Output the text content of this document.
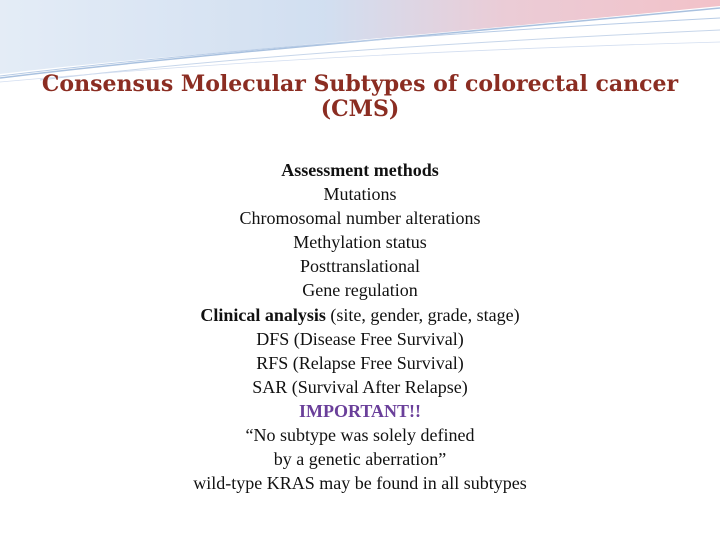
Consensus Molecular Subtypes of colorectal cancer
(CMS)
Assessment methods
Mutations
Chromosomal number alterations
Methylation status
Posttranslational
Gene regulation
Clinical analysis (site, gender, grade, stage)
DFS (Disease Free Survival)
RFS (Relapse Free Survival)
SAR (Survival After Relapse)
IMPORTANT!!
“No subtype was solely defined
by a genetic aberration”
wild-type KRAS may be found in all subtypes
